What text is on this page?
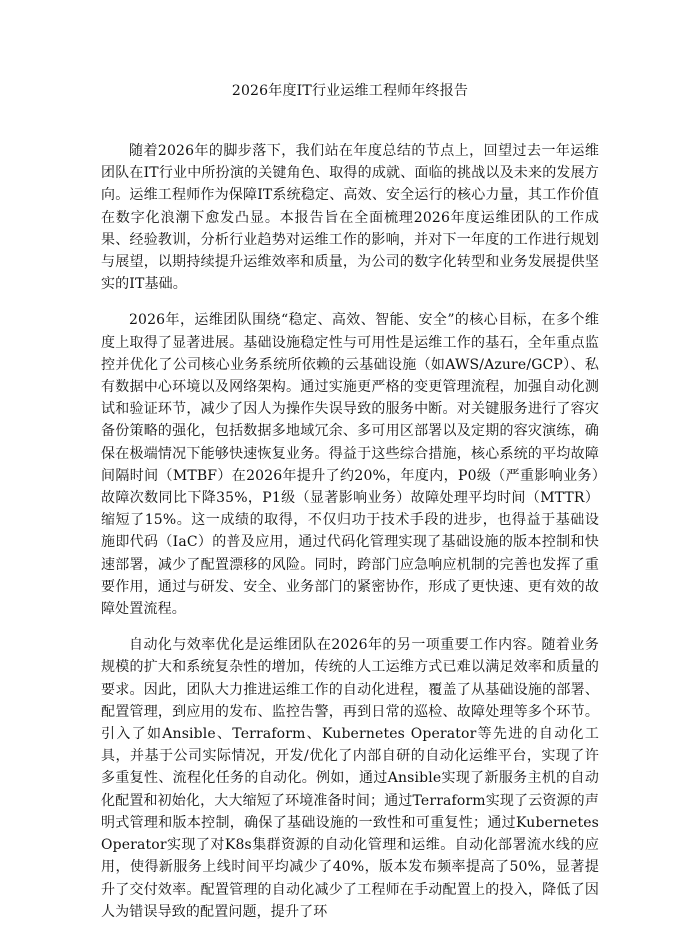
2026年度IT行业运维工程师年终报告

随着2026年的脚步落下，我们站在年度总结的节点上，回望过去一年运维团队在IT行业中所扮演的关键角色、取得的成就、面临的挑战以及未来的发展方向。运维工程师作为保障IT系统稳定、高效、安全运行的核心力量，其工作价值在数字化浪潮下愈发凸显。本报告旨在全面梳理2026年度运维团队的工作成果、经验教训，分析行业趋势对运维工作的影响，并对下一年度的工作进行规划与展望，以期持续提升运维效率和质量，为公司的数字化转型和业务发展提供坚实的IT基础。

2026年，运维团队围绕“稳定、高效、智能、安全”的核心目标，在多个维度上取得了显著进展。基础设施稳定性与可用性是运维工作的基石，全年重点监控并优化了公司核心业务系统所依赖的云基础设施（如AWS/Azure/GCP）、私有数据中心环境以及网络架构。通过实施更严格的变更管理流程，加强自动化测试和验证环节，减少了因人为操作失误导致的服务中断。对关键服务进行了容灾备份策略的强化，包括数据多地域冗余、多可用区部署以及定期的容灾演练，确保在极端情况下能够快速恢复业务。得益于这些综合措施，核心系统的平均故障间隔时间（MTBF）在2026年提升了约20%，年度内，P0级（严重影响业务）故障次数同比下降35%，P1级（显著影响业务）故障处理平均时间（MTTR）缩短了15%。这一成绩的取得，不仅归功于技术手段的进步，也得益于基础设施即代码（IaC）的普及应用，通过代码化管理实现了基础设施的版本控制和快速部署，减少了配置漂移的风险。同时，跨部门应急响应机制的完善也发挥了重要作用，通过与研发、安全、业务部门的紧密协作，形成了更快速、更有效的故障处置流程。

自动化与效率优化是运维团队在2026年的另一项重要工作内容。随着业务规模的扩大和系统复杂性的增加，传统的人工运维方式已难以满足效率和质量的要求。因此，团队大力推进运维工作的自动化进程，覆盖了从基础设施的部署、配置管理，到应用的发布、监控告警，再到日常的巡检、故障处理等多个环节。引入了如Ansible、Terraform、Kubernetes Operator等先进的自动化工具，并基于公司实际情况，开发/优化了内部自研的自动化运维平台，实现了许多重复性、流程化任务的自动化。例如，通过Ansible实现了新服务主机的自动化配置和初始化，大大缩短了环境准备时间；通过Terraform实现了云资源的声明式管理和版本控制，确保了基础设施的一致性和可重复性；通过Kubernetes Operator实现了对K8s集群资源的自动化管理和运维。自动化部署流水线的应用，使得新服务上线时间平均减少了40%，版本发布频率提高了50%，显著提升了交付效率。配置管理的自动化减少了工程师在手动配置上的投入，降低了因人为错误导致的配置问题，提升了环
